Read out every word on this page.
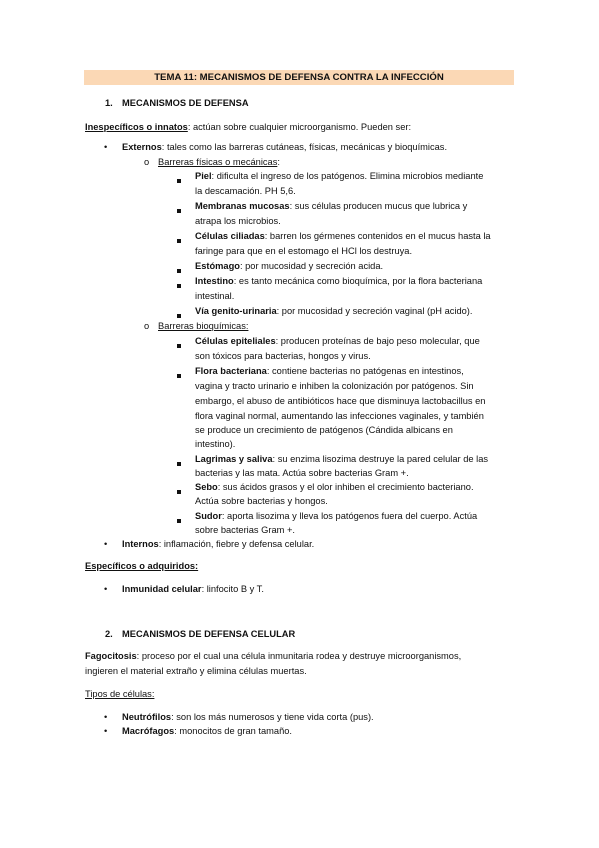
TEMA 11: MECANISMOS DE DEFENSA CONTRA LA INFECCIÓN
1. MECANISMOS DE DEFENSA
Inespecíficos o innatos: actúan sobre cualquier microorganismo. Pueden ser:
• Externos: tales como las barreras cutáneas, físicas, mecánicas y bioquímicas.
o Barreras físicas o mecánicas:
Piel: dificulta el ingreso de los patógenos. Elimina microbios mediante
la descamación. PH 5,6.
Membranas mucosas: sus células producen mucus que lubrica y
atrapa los microbios.
Células ciliadas: barren los gérmenes contenidos en el mucus hasta la
faringe para que en el estomago el HCl los destruya.
Estómago: por mucosidad y secreción acida.
Intestino: es tanto mecánica como bioquímica, por la flora bacteriana
intestinal.
Vía genito-urinaria: por mucosidad y secreción vaginal (pH acido).
o Barreras bioquímicas:
Células epiteliales: producen proteínas de bajo peso molecular, que
son tóxicos para bacterias, hongos y virus.
Flora bacteriana: contiene bacterias no patógenas en intestinos,
vagina y tracto urinario e inhiben la colonización por patógenos. Sin
embargo, el abuso de antibióticos hace que disminuya lactobacillus en
flora vaginal normal, aumentando las infecciones vaginales, y también
se produce un crecimiento de patógenos (Cándida albicans en
intestino).
Lagrimas y saliva: su enzima lisozima destruye la pared celular de las
bacterias y las mata. Actúa sobre bacterias Gram +.
Sebo: sus ácidos grasos y el olor inhiben el crecimiento bacteriano.
Actúa sobre bacterias y hongos.
Sudor: aporta lisozima y lleva los patógenos fuera del cuerpo. Actúa
sobre bacterias Gram +.
• Internos: inflamación, fiebre y defensa celular.
Específicos o adquiridos:
• Inmunidad celular: linfocito B y T.
2. MECANISMOS DE DEFENSA CELULAR
Fagocitosis: proceso por el cual una célula inmunitaria rodea y destruye microorganismos,
ingieren el material extraño y elimina células muertas.
Tipos de células:
• Neutrófilos: son los más numerosos y tiene vida corta (pus).
• Macrófagos: monocitos de gran tamaño.
